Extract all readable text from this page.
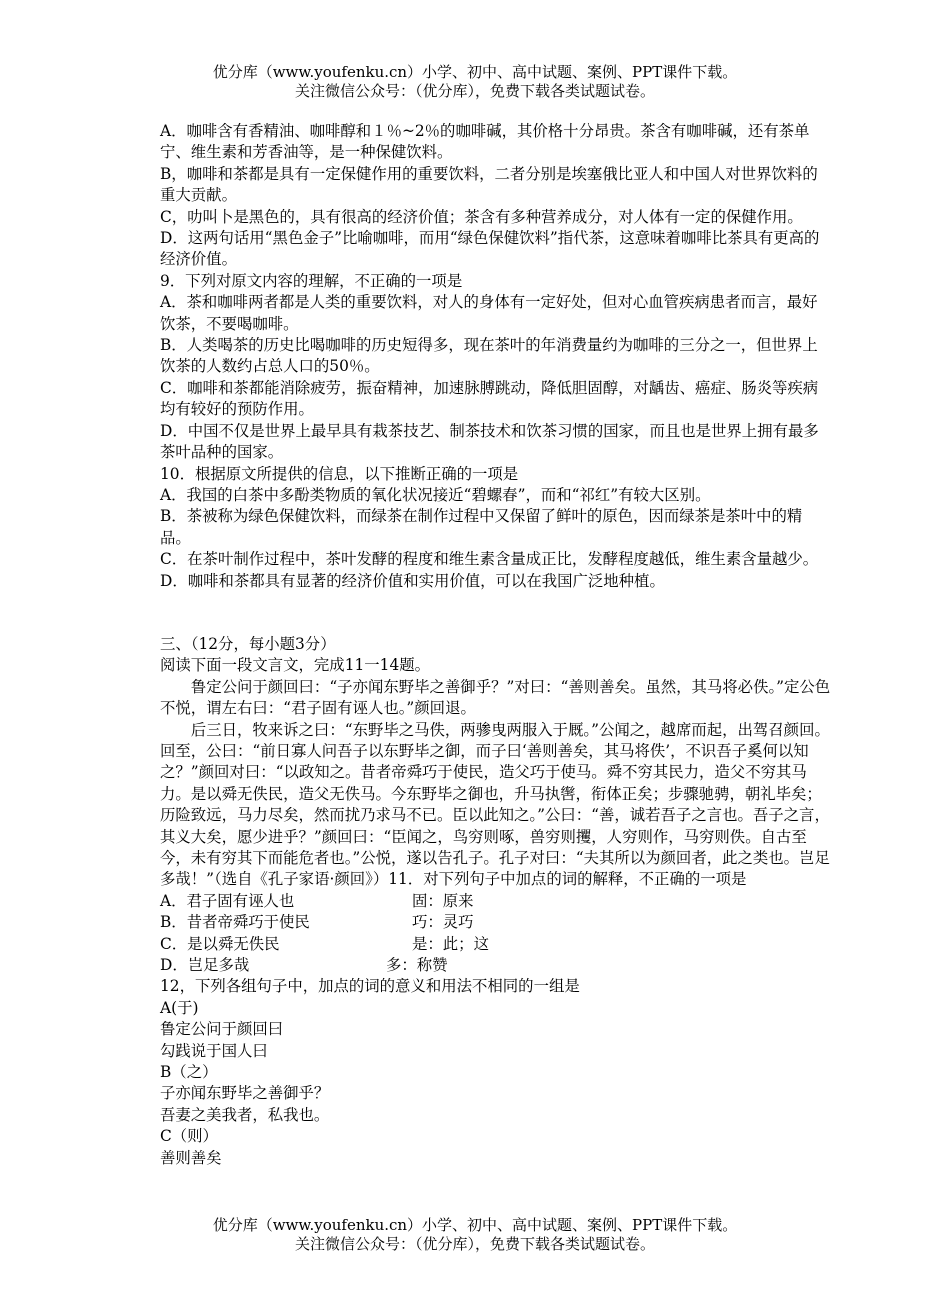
优分库（www.youfenku.cn）小学、初中、高中试题、案例、PPT课件下载。
关注微信公众号：（优分库），免费下载各类试题试卷。

A．咖啡含有香精油、咖啡醇和１％~2％的咖啡碱，其价格十分昂贵。茶含有咖啡碱，还有茶单宁、维生素和芳香油等，是一种保健饮料。

B，咖啡和茶都是具有一定保健作用的重要饮料，二者分别是埃塞俄比亚人和中国人对世界饮料的重大贡献。

C，叻叫卜是黑色的，具有很高的经济价值；茶含有多种营养成分，对人体有一定的保健作用。

D．这两句话用“黑色金子”比喻咖啡，而用“绿色保健饮料”指代茶，这意味着咖啡比茶具有更高的经济价值。

9．下列对原文内容的理解，不正确的一项是

A．茶和咖啡两者都是人类的重要饮料，对人的身体有一定好处，但对心血管疾病患者而言，最好饮茶，不要喝咖啡。

B．人类喝茶的历史比喝咖啡的历史短得多，现在茶叶的年消费量约为咖啡的三分之一，但世界上饮茶的人数约占总人口的50％。

C．咖啡和茶都能消除疲劳，振奋精神，加速脉膊跳动，降低胆固醇，对龋齿、癌症、肠炎等疾病均有较好的预防作用。

D．中国不仅是世界上最早具有栽茶技艺、制茶技术和饮茶习惯的国家，而且也是世界上拥有最多茶叶品种的国家。

10．根据原文所提供的信息，以下推断正确的一项是

A．我国的白茶中多酚类物质的氧化状况接近“碧螺春”，而和“祁红”有较大区别。

B．茶被称为绿色保健饮料，而绿茶在制作过程中又保留了鲜叶的原色，因而绿茶是茶叶中的精品。

C．在茶叶制作过程中，茶叶发酵的程度和维生素含量成正比，发酵程度越低，维生素含量越少。

D．咖啡和茶都具有显著的经济价值和实用价值，可以在我国广泛地种植。

三、（12分，每小题3分）

阅读下面一段文言文，完成11一14题。

鲁定公问于颜回曰：“子亦闻东野毕之善御乎？”对曰：“善则善矣。虽然，其马将必佚。”定公色不悦，谓左右曰：“君子固有诬人也。”颜回退。

后三日，牧来诉之曰：“东野毕之马佚，两骖曳两服入于厩。”公闻之，越席而起，出驾召颜回。回至，公曰：“前日寡人问吾子以东野毕之御，而子曰‘善则善矣，其马将佚’，不识吾子奚何以知之？”颜回对曰：“以政知之。昔者帝舜巧于使民，造父巧于使马。舜不穷其民力，造父不穷其马力。是以舜无佚民，造父无佚马。今东野毕之御也，升马执辔，衔体正矣；步骤驰骋，朝礼毕矣；历险致远，马力尽矣，然而扰乃求马不已。臣以此知之。”公曰：“善，诚若吾子之言也。吾子之言，其义大矣，愿少进乎？”颜回曰：“臣闻之，鸟穷则啄，兽穷则攫，人穷则作，马穷则佚。自古至今，未有穷其下而能危者也。”公悦，遂以告孔子。孔子对曰：“夫其所以为颜回者，此之类也。岂足多哉！”（选自《孔子家语·颜回》）11．对下列句子中加点的词的解释，不正确的一项是

A．君子固有诬人也	固：原来
B．昔者帝舜巧于使民	巧：灵巧
C．是以舜无佚民	是：此；这
D．岂足多哉	多：称赞

12，下列各组句子中，加点的词的意义和用法不相同的一组是

A(于)

鲁定公问于颜回曰

勾践说于国人曰

B（之）

子亦闻东野毕之善御乎？

吾妻之美我者，私我也。

C（则）

善则善矣

优分库（www.youfenku.cn）小学、初中、高中试题、案例、PPT课件下载。
关注微信公众号：（优分库），免费下载各类试题试卷。
